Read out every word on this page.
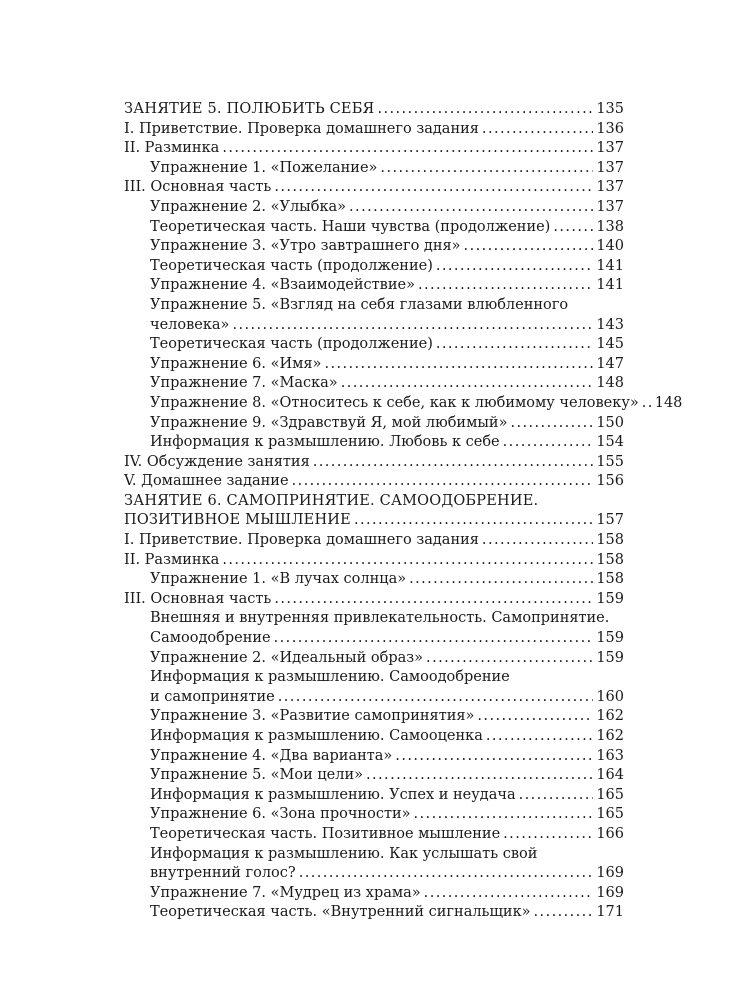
ЗАНЯТИЕ 5. ПОЛЮБИТЬ СЕБЯ . . .	135
I. Приветствие. Проверка домашнего задания . . .	136
II. Разминка . . .	137
Упражнение 1. «Пожелание» . . .	137
III. Основная часть . . .	137
Упражнение 2. «Улыбка» . . .	137
Теоретическая часть. Наши чувства (продолжение) . . .	138
Упражнение 3. «Утро завтрашнего дня» . . .	140
Теоретическая часть (продолжение) . . .	141
Упражнение 4. «Взаимодействие» . . .	141
Упражнение 5. «Взгляд на себя глазами влюбленного
человека» . . .	143
Теоретическая часть (продолжение) . . .	145
Упражнение 6. «Имя» . . .	147
Упражнение 7. «Маска» . . .	148
Упражнение 8. «Относитесь к себе, как к любимому человеку» . . . 148
Упражнение 9. «Здравствуй Я, мой любимый» . . .	150
Информация к размышлению. Любовь к себе . . .	154
IV. Обсуждение занятия . . .	155
V. Домашнее задание . . .	156
ЗАНЯТИЕ 6. САМОПРИНЯТИЕ. САМООДОБРЕНИЕ.
ПОЗИТИВНОЕ МЫШЛЕНИЕ . . .	157
I. Приветствие. Проверка домашнего задания . . .	158
II. Разминка . . .	158
Упражнение 1. «В лучах солнца» . . .	158
III. Основная часть . . .	159
Внешняя и внутренняя привлекательность. Самопринятие.
Самоодобрение . . .	159
Упражнение 2. «Идеальный образ» . . .	159
Информация к размышлению. Самоодобрение
и самопринятие . . .	160
Упражнение 3. «Развитие самопринятия» . . .	162
Информация к размышлению. Самооценка . . .	162
Упражнение 4. «Два варианта» . . .	163
Упражнение 5. «Мои цели» . . .	164
Информация к размышлению. Успех и неудача . . .	165
Упражнение 6. «Зона прочности» . . .	165
Теоретическая часть. Позитивное мышление . . .	166
Информация к размышлению. Как услышать свой
внутренний голос? . . .	169
Упражнение 7. «Мудрец из храма» . . .	169
Теоретическая часть. «Внутренний сигнальщик» . . .	171
